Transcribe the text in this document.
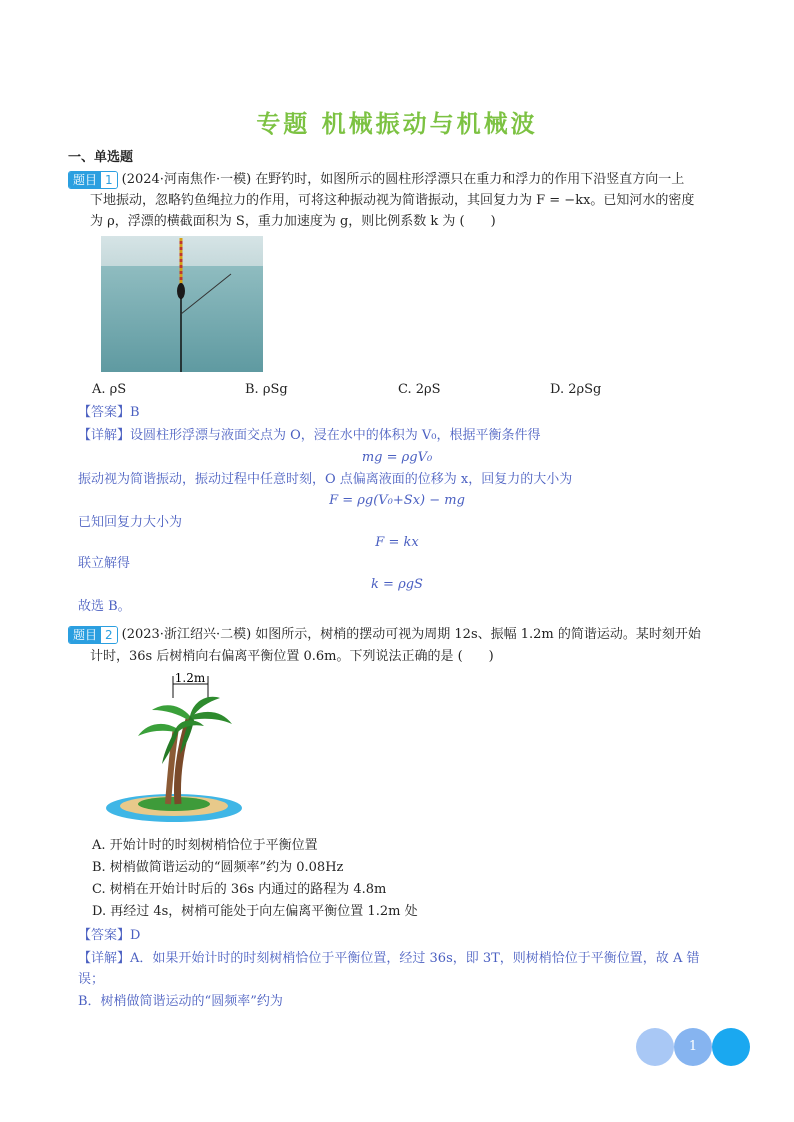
专题 机械振动与机械波
一、单选题
题目 1 (2024·河南焦作·一模) 在野钓时，如图所示的圆柱形浮漂只在重力和浮力的作用下沿竖直方向一上
下地振动，忽略钓鱼绳拉力的作用，可将这种振动视为简谐振动，其回复力为 F = −kx。已知河水的密度
为 ρ，浮漂的横截面积为 S，重力加速度为 g，则比例系数 k 为 (　　)
A. ρS	B. ρSg	C. 2ρS	D. 2ρSg
【答案】B
【详解】设圆柱形浮漂与液面交点为 O，浸在水中的体积为 V₀，根据平衡条件得
mg = ρgV₀
振动视为简谐振动，振动过程中任意时刻，O 点偏离液面的位移为 x，回复力的大小为
F = ρg(V₀+Sx) − mg
已知回复力大小为
F = kx
联立解得
k = ρgS
故选 B。
题目 2 (2023·浙江绍兴·二模) 如图所示，树梢的摆动可视为周期 12s、振幅 1.2m 的简谐运动。某时刻开始
计时，36s 后树梢向右偏离平衡位置 0.6m。下列说法正确的是 (　　)
1.2m
A. 开始计时的时刻树梢恰位于平衡位置
B. 树梢做简谐运动的“圆频率”约为 0.08Hz
C. 树梢在开始计时后的 36s 内通过的路程为 4.8m
D. 再经过 4s，树梢可能处于向左偏离平衡位置 1.2m 处
【答案】D
【详解】A．如果开始计时的时刻树梢恰位于平衡位置，经过 36s，即 3T，则树梢恰位于平衡位置，故 A 错
误；
B．树梢做简谐运动的“圆频率”约为
1
